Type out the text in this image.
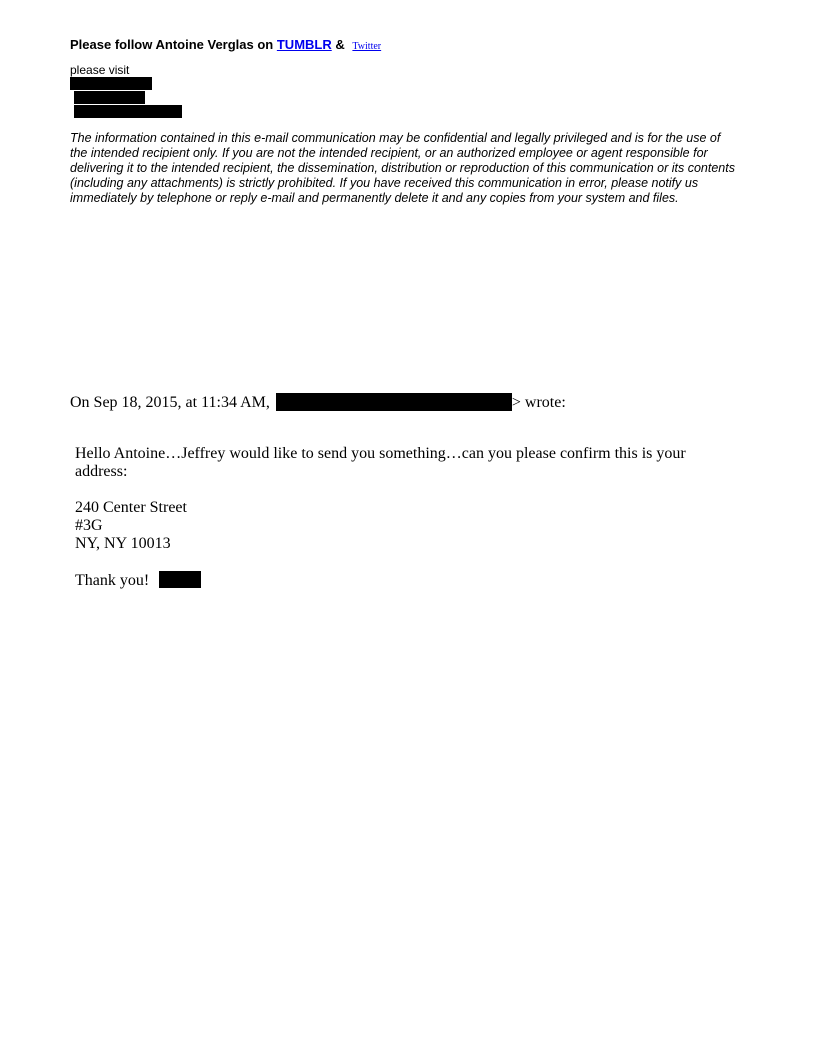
Please follow Antoine Verglas on TUMBLR & Twitter
please visit
The information contained in this e-mail communication may be confidential and legally privileged and is for the use of the intended recipient only. If you are not the intended recipient, or an authorized employee or agent responsible for delivering it to the intended recipient, the dissemination, distribution or reproduction of this communication or its contents (including any attachments) is strictly prohibited. If you have received this communication in error, please notify us immediately by telephone or reply e-mail and permanently delete it and any copies from your system and files.
On Sep 18, 2015, at 11:34 AM,	> wrote:
Hello Antoine…Jeffrey would like to send you something…can you please confirm this is your address:
240 Center Street
#3G
NY, NY 10013
Thank you!
